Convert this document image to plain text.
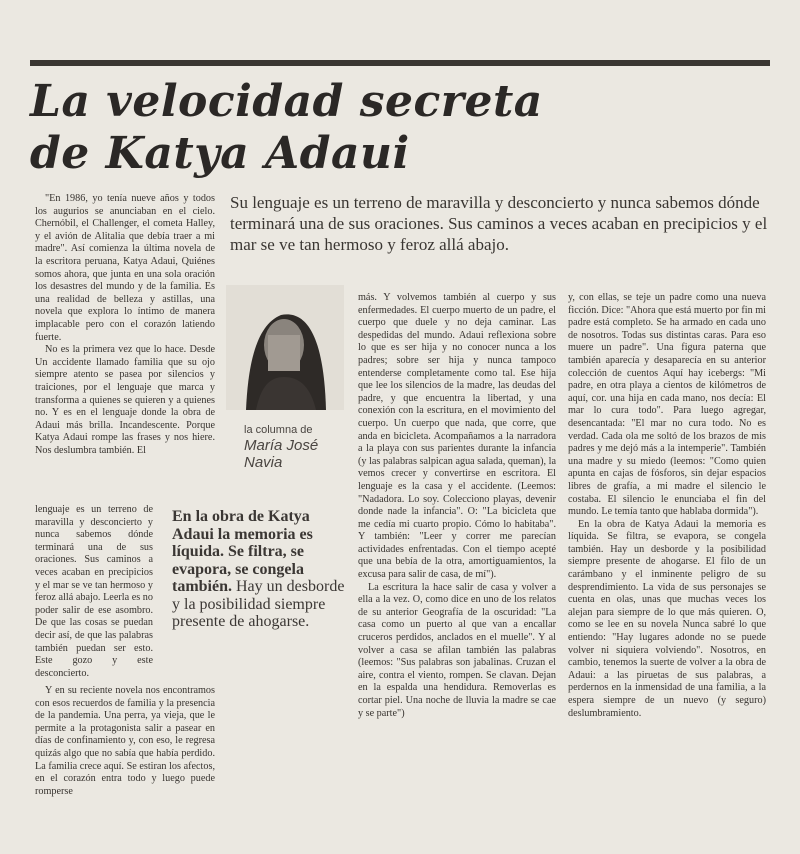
La velocidad secreta
de Katya Adaui
Su lenguaje es un terreno de maravilla y desconcierto y nunca sabemos dónde terminará una de sus oraciones. Sus caminos a veces acaban en precipicios y el mar se ve tan hermoso y feroz allá abajo.

"En 1986, yo tenía nueve años y todos los augurios se anunciaban en el cielo. Chernóbil, el Challenger, el cometa Halley, y el avión de Alitalia que debía traer a mi madre". Así comienza la última novela de la escritora peruana, Katya Adaui, Quiénes somos ahora, que junta en una sola oración los desastres del mundo y de la familia. Es una realidad de belleza y astillas, una novela que explora lo íntimo de manera implacable pero con el corazón latiendo fuerte.

No es la primera vez que lo hace. Desde Un accidente llamado familia que su ojo siempre atento se pasea por silencios y traiciones, por el lenguaje que marca y transforma a quienes se quieren y a quienes no. Y es en el lenguaje donde la obra de Adaui más brilla. Incandescente. Porque Katya Adaui rompe las frases y nos hiere. Nos deslumbra también. El

lenguaje es un terreno de maravilla y desconcierto y nunca sabemos dónde terminará una de sus oraciones. Sus caminos a veces acaban en precipicios y el mar se ve tan hermoso y feroz allá abajo. Leerla es no poder salir de ese asombro. De que las cosas se puedan decir así, de que las palabras también puedan ser esto. Este gozo y este desconcierto.

Y en su reciente novela nos encontramos con esos recuerdos de familia y la presencia de la pandemia. Una perra, ya vieja, que le permite a la protagonista salir a pasear en días de confinamiento y, con eso, le regresa quizás algo que no sabía que había perdido. La familia crece aquí. Se estiran los afectos, en el corazón entra todo y luego puede romperse

la columna de
María José
Navia
En la obra de Katya Adaui la memoria es líquida. Se filtra, se evapora, se congela también. Hay un desborde y la posibilidad siempre presente de ahogarse.

más. Y volvemos también al cuerpo y sus enfermedades. El cuerpo muerto de un padre, el cuerpo que duele y no deja caminar. Las despedidas del mundo. Adaui reflexiona sobre lo que es ser hija y no conocer nunca a los padres; sobre ser hija y nunca tampoco entenderse completamente como tal. Ese hija que lee los silencios de la madre, las deudas del padre, y que encuentra la libertad, y una conexión con la escritura, en el movimiento del cuerpo. Un cuerpo que nada, que corre, que anda en bicicleta. Acompañamos a la narradora a la playa con sus parientes durante la infancia (y las palabras salpican agua salada, queman), la vemos crecer y convertirse en escritora. El lenguaje es la casa y el accidente. (Leemos: "Nadadora. Lo soy. Colecciono playas, devenir donde nade la infancia". O: "La bicicleta que me cedía mi cuarto propio. Cómo lo habitaba". Y también: "Leer y correr me parecían actividades enfrentadas. Con el tiempo acepté que una bebía de la otra, amortiguamientos, la excusa para salir de casa, de mí").

La escritura la hace salir de casa y volver a ella a la vez. O, como dice en uno de los relatos de su anterior Geografía de la oscuridad: "La casa como un puerto al que van a encallar cruceros perdidos, anclados en el muelle". Y al volver a casa se afilan también las palabras (leemos: "Sus palabras son jabalinas. Cruzan el aire, contra el viento, rompen. Se clavan. Dejan en la espalda una hendidura. Removerlas es cortar piel. Una noche de lluvia la madre se cae y se parte")

y, con ellas, se teje un padre como una nueva ficción. Dice: "Ahora que está muerto por fin mi padre está completo. Se ha armado en cada uno de nosotros. Todas sus distintas caras. Para eso muere un padre". Una figura paterna que también aparecía y desaparecía en su anterior colección de cuentos Aquí hay icebergs: "Mi padre, en otra playa a cientos de kilómetros de aquí, cor. una hija en cada mano, nos decía: El mar lo cura todo". Para luego agregar, desencantada: "El mar no cura todo. No es verdad. Cada ola me soltó de los brazos de mis padres y me dejó más a la intemperie". También una madre y su miedo (leemos: "Como quien apunta en cajas de fósforos, sin dejar espacios libres de grafía, a mi madre el silencio le costaba. El silencio le enunciaba el fin del mundo. Le temía tanto que hablaba dormida").

En la obra de Katya Adaui la memoria es líquida. Se filtra, se evapora, se congela también. Hay un desborde y la posibilidad siempre presente de ahogarse. El filo de un carámbano y el inminente peligro de su desprendimiento. La vida de sus personajes se cuenta en olas, unas que muchas veces los alejan para siempre de lo que más quieren. O, como se lee en su novela Nunca sabré lo que entiendo: "Hay lugares adonde no se puede volver ni siquiera volviendo". Nosotros, en cambio, tenemos la suerte de volver a la obra de Adaui: a las piruetas de sus palabras, a perdernos en la inmensidad de una familia, a la espera siempre de un nuevo (y seguro) deslumbramiento.
